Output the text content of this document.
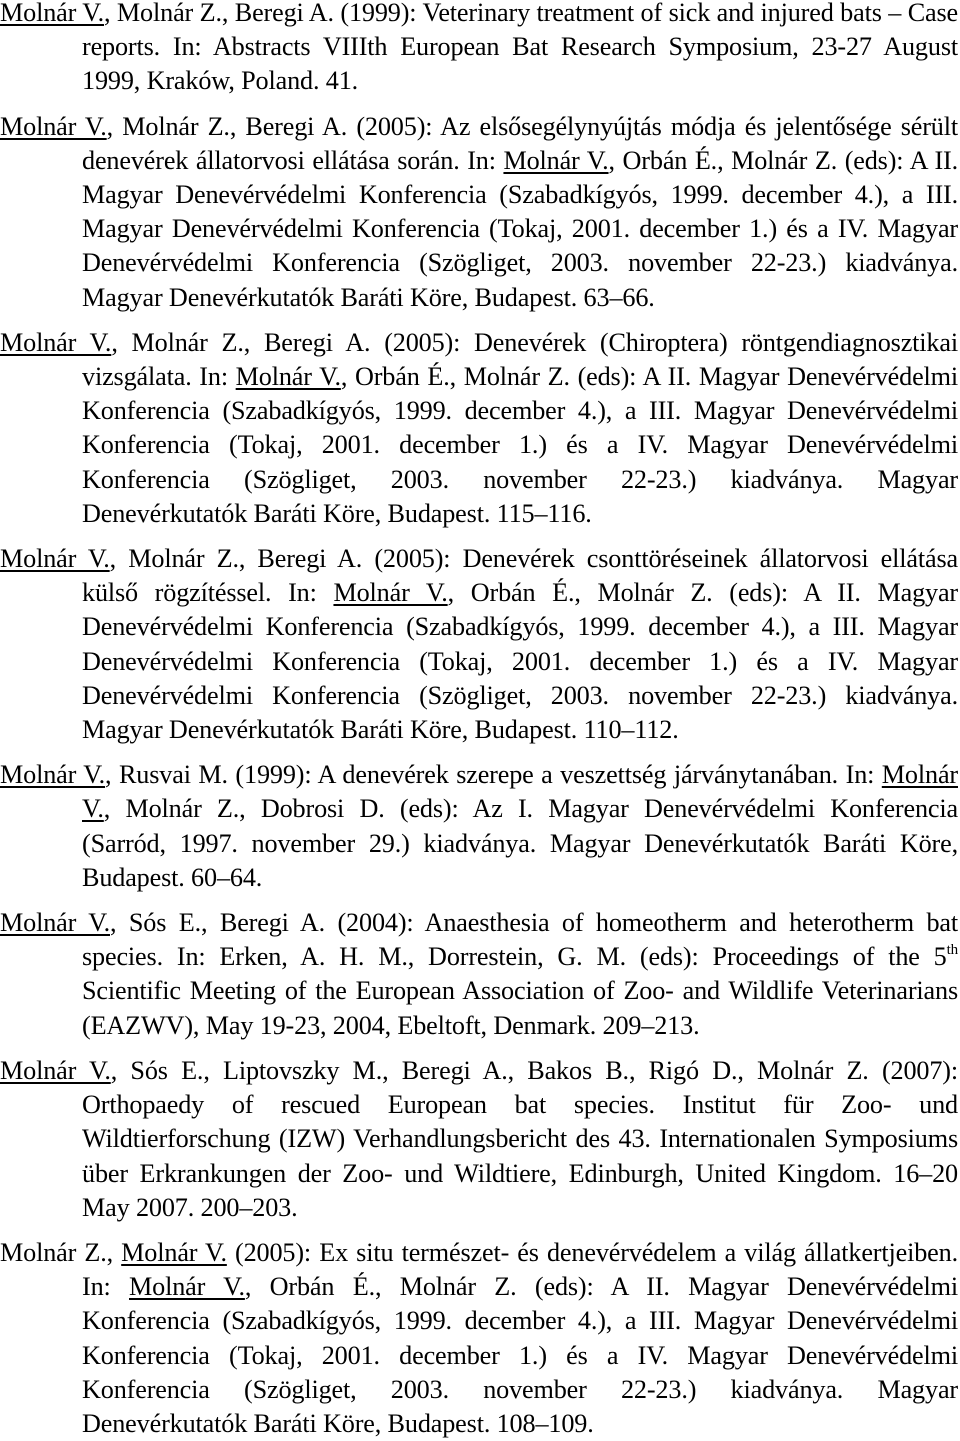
Molnár V., Molnár Z., Beregi A. (1999): Veterinary treatment of sick and injured bats – Case reports. In: Abstracts VIIIth European Bat Research Symposium, 23-27 August 1999, Kraków, Poland. 41.

Molnár V., Molnár Z., Beregi A. (2005): Az elsősegélynyújtás módja és jelentősége sérült denevérek állatorvosi ellátása során. In: Molnár V., Orbán É., Molnár Z. (eds): A II. Magyar Denevérvédelmi Konferencia (Szabadkígyós, 1999. december 4.), a III. Magyar Denevérvédelmi Konferencia (Tokaj, 2001. december 1.) és a IV. Magyar Denevérvédelmi Konferencia (Szögliget, 2003. november 22-23.) kiadványa. Magyar Denevérkutatók Baráti Köre, Budapest. 63–66.

Molnár V., Molnár Z., Beregi A. (2005): Denevérek (Chiroptera) röntgendiagnosztikai vizsgálata. In: Molnár V., Orbán É., Molnár Z. (eds): A II. Magyar Denevérvédelmi Konferencia (Szabadkígyós, 1999. december 4.), a III. Magyar Denevérvédelmi Konferencia (Tokaj, 2001. december 1.) és a IV. Magyar Denevérvédelmi Konferencia (Szögliget, 2003. november 22-23.) kiadványa. Magyar Denevérkutatók Baráti Köre, Budapest. 115–116.

Molnár V., Molnár Z., Beregi A. (2005): Denevérek csonttöréseinek állatorvosi ellátása külső rögzítéssel. In: Molnár V., Orbán É., Molnár Z. (eds): A II. Magyar Denevérvédelmi Konferencia (Szabadkígyós, 1999. december 4.), a III. Magyar Denevérvédelmi Konferencia (Tokaj, 2001. december 1.) és a IV. Magyar Denevérvédelmi Konferencia (Szögliget, 2003. november 22-23.) kiadványa. Magyar Denevérkutatók Baráti Köre, Budapest. 110–112.

Molnár V., Rusvai M. (1999): A denevérek szerepe a veszettség járványtanában. In: Molnár V., Molnár Z., Dobrosi D. (eds): Az I. Magyar Denevérvédelmi Konferencia (Sarród, 1997. november 29.) kiadványa. Magyar Denevérkutatók Baráti Köre, Budapest. 60–64.

Molnár V., Sós E., Beregi A. (2004): Anaesthesia of homeotherm and heterotherm bat species. In: Erken, A. H. M., Dorrestein, G. M. (eds): Proceedings of the 5th Scientific Meeting of the European Association of Zoo- and Wildlife Veterinarians (EAZWV), May 19-23, 2004, Ebeltoft, Denmark. 209–213.

Molnár V., Sós E., Liptovszky M., Beregi A., Bakos B., Rigó D., Molnár Z. (2007): Orthopaedy of rescued European bat species. Institut für Zoo- und Wildtierforschung (IZW) Verhandlungsbericht des 43. Internationalen Symposiums über Erkrankungen der Zoo- und Wildtiere, Edinburgh, United Kingdom. 16–20 May 2007. 200–203.

Molnár Z., Molnár V. (2005): Ex situ természet- és denevérvédelem a világ állatkertjeiben. In: Molnár V., Orbán É., Molnár Z. (eds): A II. Magyar Denevérvédelmi Konferencia (Szabadkígyós, 1999. december 4.), a III. Magyar Denevérvédelmi Konferencia (Tokaj, 2001. december 1.) és a IV. Magyar Denevérvédelmi Konferencia (Szögliget, 2003. november 22-23.) kiadványa. Magyar Denevérkutatók Baráti Köre, Budapest. 108–109.
